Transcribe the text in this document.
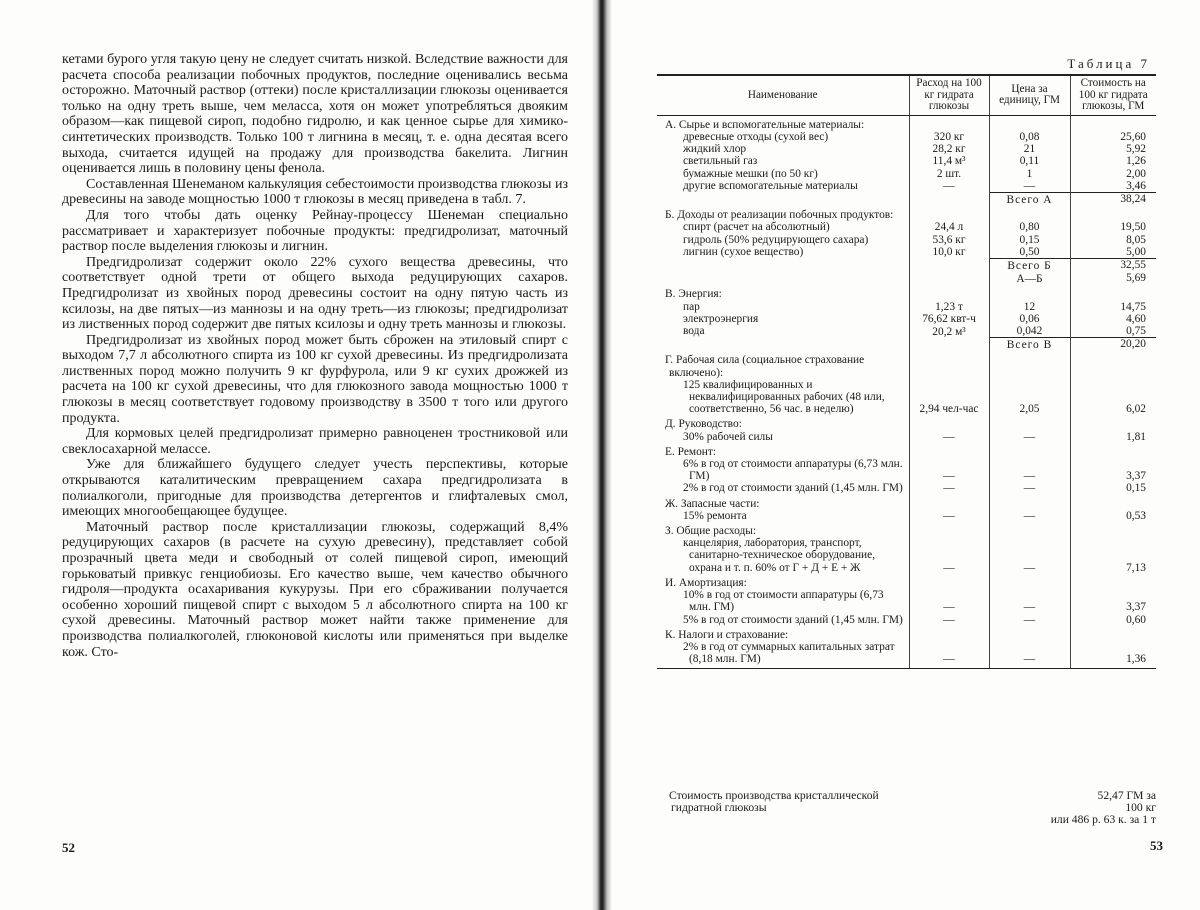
кетами бурого угля такую цену не следует считать низкой. Вследствие важности для расчета способа реализации побочных продуктов, последние оценивались весьма осторожно. Маточный раствор (оттеки) после кристаллизации глюкозы оценивается только на одну треть выше, чем меласса, хотя он может употребляться двояким образом—как пищевой сироп, подобно гидролю, и как ценное сырье для химико-синтетических производств. Только 100 т лигнина в месяц, т. е. одна десятая всего выхода, считается идущей на продажу для производства бакелита. Лигнин оценивается лишь в половину цены фенола.

Составленная Шенеманом калькуляция себестоимости производства глюкозы из древесины на заводе мощностью 1000 т глюкозы в месяц приведена в табл. 7.

Для того чтобы дать оценку Рейнау-процессу Шенеман специально рассматривает и характеризует побочные продукты: предгидролизат, маточный раствор после выделения глюкозы и лигнин.

Предгидролизат содержит около 22% сухого вещества древесины, что соответствует одной трети от общего выхода редуцирующих сахаров. Предгидролизат из хвойных пород древесины состоит на одну пятую часть из ксилозы, на две пятых—из маннозы и на одну треть—из глюкозы; предгидролизат из лиственных пород содержит две пятых ксилозы и одну треть маннозы и глюкозы.

Предгидролизат из хвойных пород может быть сброжен на этиловый спирт с выходом 7,7 л абсолютного спирта из 100 кг сухой древесины. Из предгидролизата лиственных пород можно получить 9 кг фурфурола, или 9 кг сухих дрожжей из расчета на 100 кг сухой древесины, что для глюкозного завода мощностью 1000 т глюкозы в месяц соответствует годовому производству в 3500 т того или другого продукта.

Для кормовых целей предгидролизат примерно равноценен тростниковой или свеклосахарной мелассе.

Уже для ближайшего будущего следует учесть перспективы, которые открываются каталитическим превращением сахара предгидролизата в полиалкоголи, пригодные для производства детергентов и глифталевых смол, имеющих многообещающее будущее.

Маточный раствор после кристаллизации глюкозы, содержащий 8,4% редуцирующих сахаров (в расчете на сухую древесину), представляет собой прозрачный цвета меди и свободный от солей пищевой сироп, имеющий горьковатый привкус генциобиозы. Его качество выше, чем качество обычного гидроля—продукта осахаривания кукурузы. При его сбраживании получается особенно хороший пищевой спирт с выходом 5 л абсолютного спирта на 100 кг сухой древесины. Маточный раствор может найти также применение для производства полиалкоголей, глюконовой кислоты или применяться при выделке кож. Сто-

52	53
Таблица 7
Наименование	Расход на 100 кг гидрата глюкозы	Цена за единицу, ГМ	Стоимость на 100 кг гидрата глюкозы, ГМ

А. Сырье и вспомогательные материалы:			

древесные отходы (сухой вес)	320 кг	0,08	25,60

жидкий хлор	28,2 кг	21	5,92

светильный газ	11,4 м³	0,11	1,26

бумажные мешки (по 50 кг)	2 шт.	1	2,00

другие вспомогательные материалы	—	—	3,46
		Всего А	38,24

Б. Доходы от реализации побочных продуктов:			

спирт (расчет на абсолютный)	24,4 л	0,80	19,50

гидроль (50% редуцирующего сахара)	53,6 кг	0,15	8,05

лигнин (сухое вещество)	10,0 кг	0,50	5,00
		Всего Б	32,55
		А—Б	5,69

В. Энергия:			

пар	1,23 т	12	14,75

электроэнергия	76,62 квт-ч	0,06	4,60

вода	20,2 м³	0,042	0,75
		Всего В	20,20

Г. Рабочая сила (социальное страхование включено):			

125 квалифицированных и неквалифицированных рабочих (48 или, соответственно, 56 час. в неделю)	2,94 чел-час	2,05	6,02

Д. Руководство:			

30% рабочей силы	—	—	1,81

Е. Ремонт:			

6% в год от стоимости аппаратуры (6,73 млн. ГМ)	—	—	3,37

2% в год от стоимости зданий (1,45 млн. ГМ)	—	—	0,15

Ж. Запасные части:			

15% ремонта	—	—	0,53

З. Общие расходы:			

канцелярия, лаборатория, транспорт, санитарно-техническое оборудование, охрана и т. п. 60% от Г + Д + Е + Ж	—	—	7,13

И. Амортизация:			

10% в год от стоимости аппаратуры (6,73 млн. ГМ)	—	—	3,37

5% в год от стоимости зданий (1,45 млн. ГМ)	—	—	0,60

К. Налоги и страхование:			

2% в год от суммарных капитальных затрат (8,18 млн. ГМ)	—	—	1,36
Стоимость производства кристаллической гидратной глюкозы
52,47 ГМ за
100 кг
или 486 р. 63 к. за 1 т
